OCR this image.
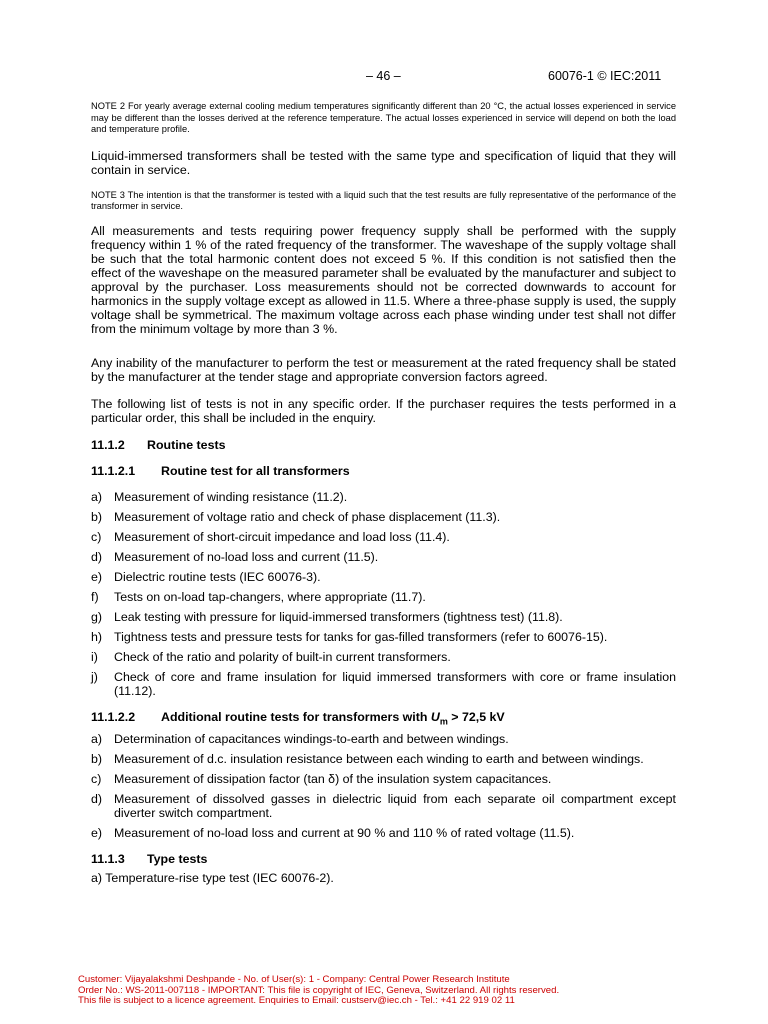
– 46 –	60076-1 © IEC:2011

NOTE 2 For yearly average external cooling medium temperatures significantly different than 20 °C, the actual losses experienced in service may be different than the losses derived at the reference temperature. The actual losses experienced in service will depend on both the load and temperature profile.

Liquid-immersed transformers shall be tested with the same type and specification of liquid that they will contain in service.

NOTE 3 The intention is that the transformer is tested with a liquid such that the test results are fully representative of the performance of the transformer in service.

All measurements and tests requiring power frequency supply shall be performed with the supply frequency within 1 % of the rated frequency of the transformer. The waveshape of the supply voltage shall be such that the total harmonic content does not exceed 5 %. If this condition is not satisfied then the effect of the waveshape on the measured parameter shall be evaluated by the manufacturer and subject to approval by the purchaser. Loss measurements should not be corrected downwards to account for harmonics in the supply voltage except as allowed in 11.5. Where a three-phase supply is used, the supply voltage shall be symmetrical. The maximum voltage across each phase winding under test shall not differ from the minimum voltage by more than 3 %.

Any inability of the manufacturer to perform the test or measurement at the rated frequency shall be stated by the manufacturer at the tender stage and appropriate conversion factors agreed.

The following list of tests is not in any specific order. If the purchaser requires the tests performed in a particular order, this shall be included in the enquiry.

11.1.2 Routine tests

11.1.2.1 Routine test for all transformers

a) Measurement of winding resistance (11.2).

b) Measurement of voltage ratio and check of phase displacement (11.3).

c) Measurement of short-circuit impedance and load loss (11.4).

d) Measurement of no-load loss and current (11.5).

e) Dielectric routine tests (IEC 60076-3).

f) Tests on on-load tap-changers, where appropriate (11.7).

g) Leak testing with pressure for liquid-immersed transformers (tightness test) (11.8).

h) Tightness tests and pressure tests for tanks for gas-filled transformers (refer to 60076-15).

i) Check of the ratio and polarity of built-in current transformers.

j) Check of core and frame insulation for liquid immersed transformers with core or frame insulation (11.12).

11.1.2.2 Additional routine tests for transformers with $U_m > 72,5$ kV

a) Determination of capacitances windings-to-earth and between windings.

b) Measurement of d.c. insulation resistance between each winding to earth and between windings.

c) Measurement of dissipation factor (tan δ) of the insulation system capacitances.

d) Measurement of dissolved gasses in dielectric liquid from each separate oil compartment except diverter switch compartment.

e) Measurement of no-load loss and current at 90 % and 110 % of rated voltage (11.5).

11.1.3 Type tests

a) Temperature-rise type test (IEC 60076-2).

Customer: Vijayalakshmi Deshpande - No. of User(s): 1 - Company: Central Power Research Institute
Order No.: WS-2011-007118 - IMPORTANT: This file is copyright of IEC, Geneva, Switzerland. All rights reserved.
This file is subject to a licence agreement. Enquiries to Email: custserv@iec.ch - Tel.: +41 22 919 02 11
